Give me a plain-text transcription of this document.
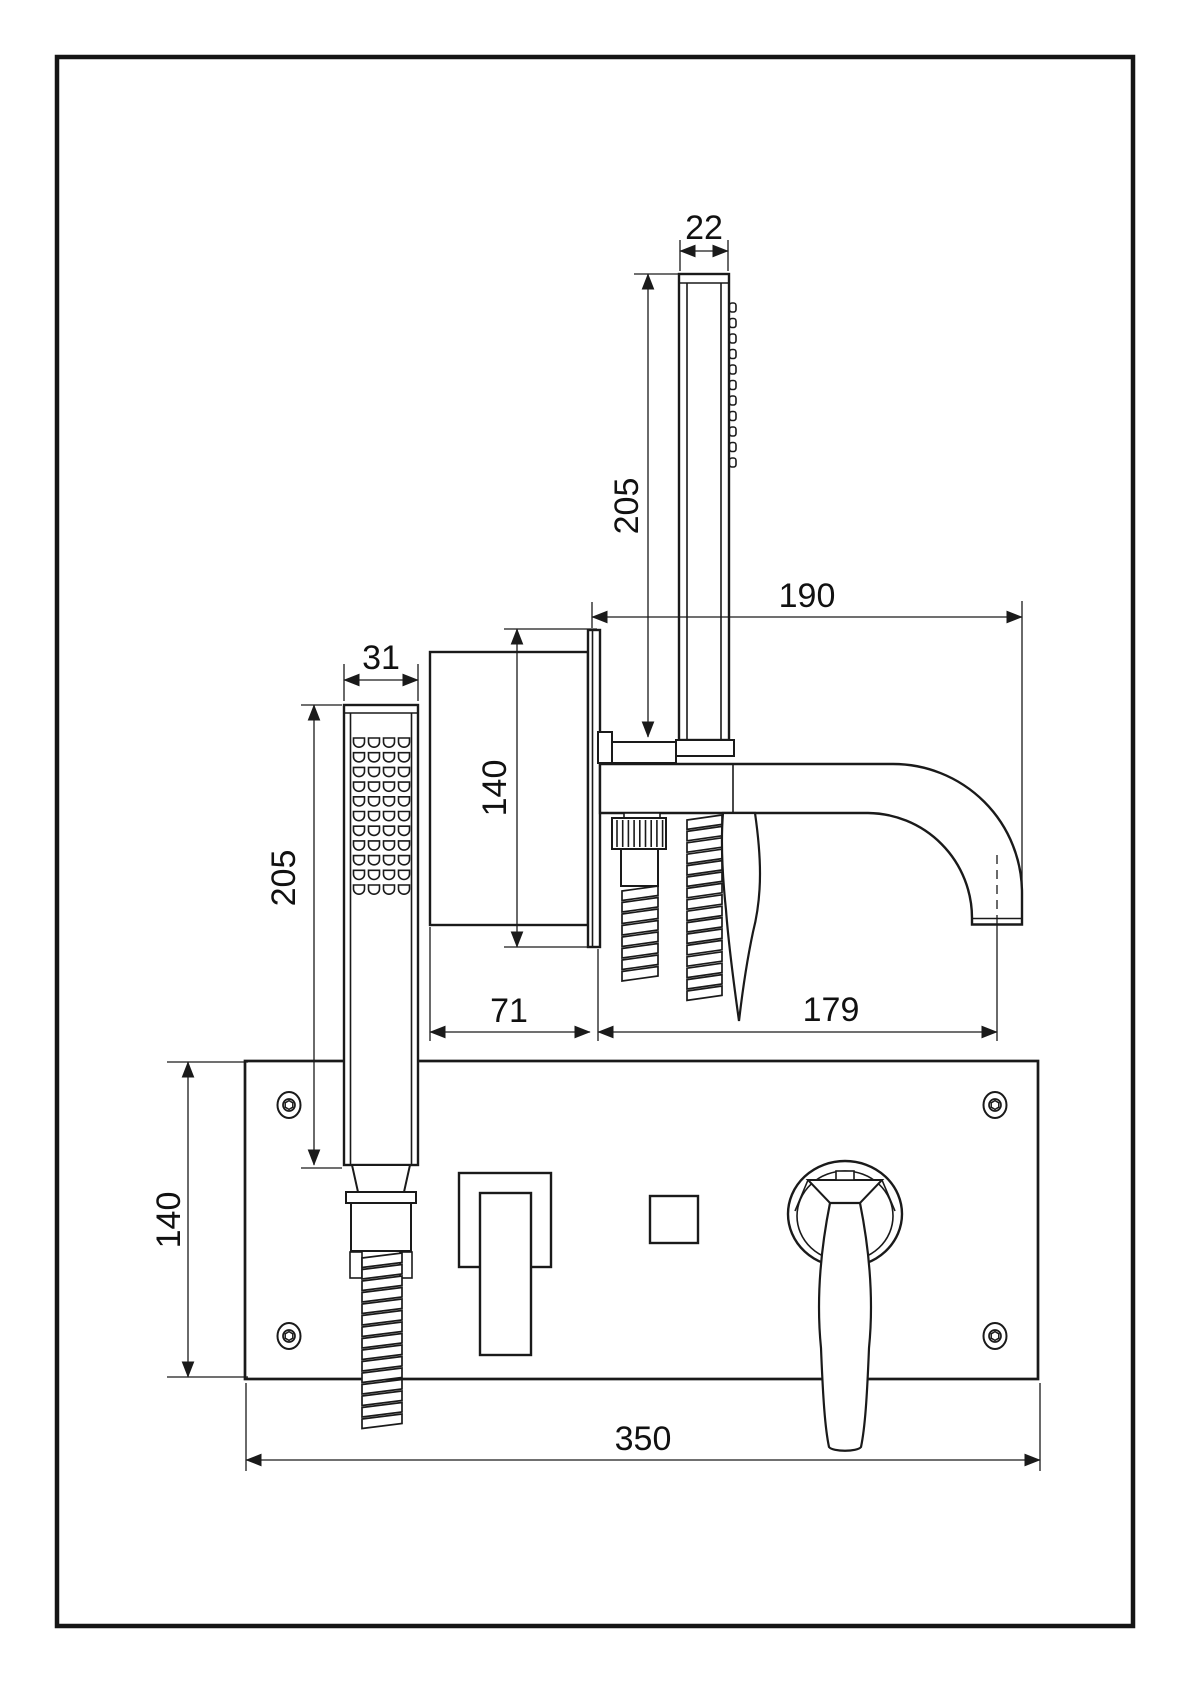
22
205
190
140
31
205
71	179
140
350
